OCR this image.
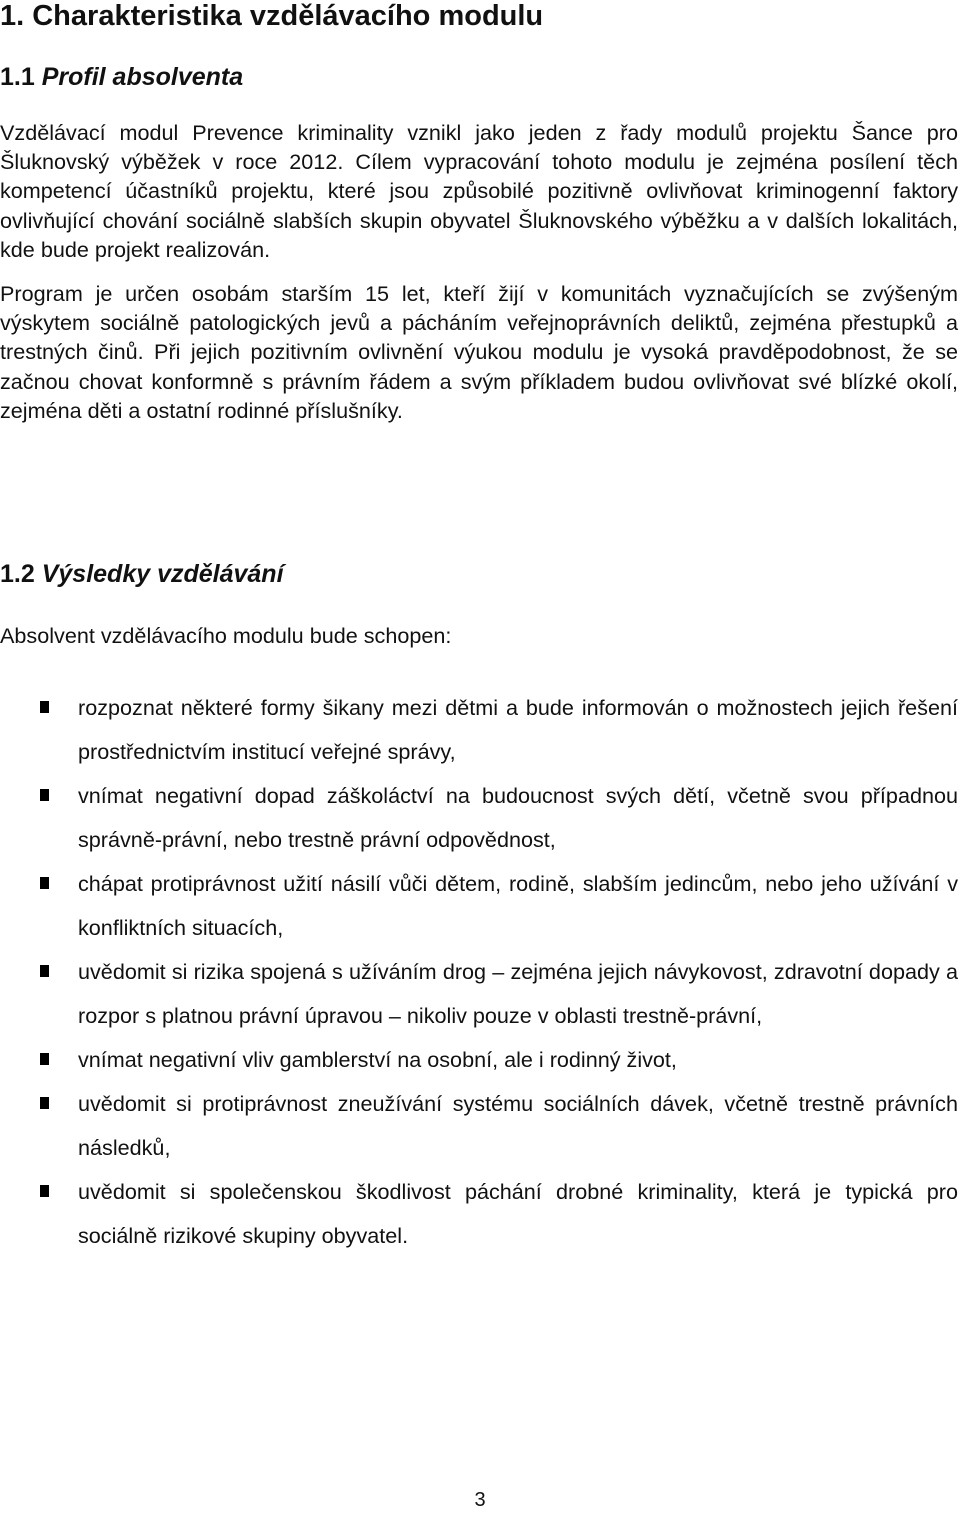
1. Charakteristika vzdělávacího modulu
1.1 Profil absolventa

Vzdělávací modul Prevence kriminality vznikl jako jeden z řady modulů projektu Šance pro Šluknovský výběžek v roce 2012. Cílem vypracování tohoto modulu je zejména posílení těch kompetencí účastníků projektu, které jsou způsobilé pozitivně ovlivňovat kriminogenní faktory ovlivňující chování sociálně slabších skupin obyvatel Šluknovského výběžku a v dalších lokalitách, kde bude projekt realizován.

Program je určen osobám starším 15 let, kteří žijí v komunitách vyznačujících se zvýšeným výskytem sociálně patologických jevů a pácháním veřejnoprávních deliktů, zejména přestupků a trestných činů. Při jejich pozitivním ovlivnění výukou modulu je vysoká pravděpodobnost, že se začnou chovat konformně s právním řádem a svým příkladem budou ovlivňovat své blízké okolí, zejména děti a ostatní rodinné příslušníky.

1.2 Výsledky vzdělávání

Absolvent vzdělávacího modulu bude schopen:

rozpoznat některé formy šikany mezi dětmi a bude informován o možnostech jejich řešení prostřednictvím institucí veřejné správy,
vnímat negativní dopad záškoláctví na budoucnost svých dětí, včetně svou případnou správně-právní, nebo trestně právní odpovědnost,
chápat protiprávnost užití násilí vůči dětem, rodině, slabším jedincům, nebo jeho užívání v konfliktních situacích,
uvědomit si rizika spojená s užíváním drog – zejména jejich návykovost, zdravotní dopady a rozpor s platnou právní úpravou – nikoliv pouze v oblasti trestně-právní,
vnímat negativní vliv gamblerství na osobní, ale i rodinný život,
uvědomit si protiprávnost zneužívání systému sociálních dávek, včetně trestně právních následků,
uvědomit si společenskou škodlivost páchání drobné kriminality, která je typická pro sociálně rizikové skupiny obyvatel.
3
